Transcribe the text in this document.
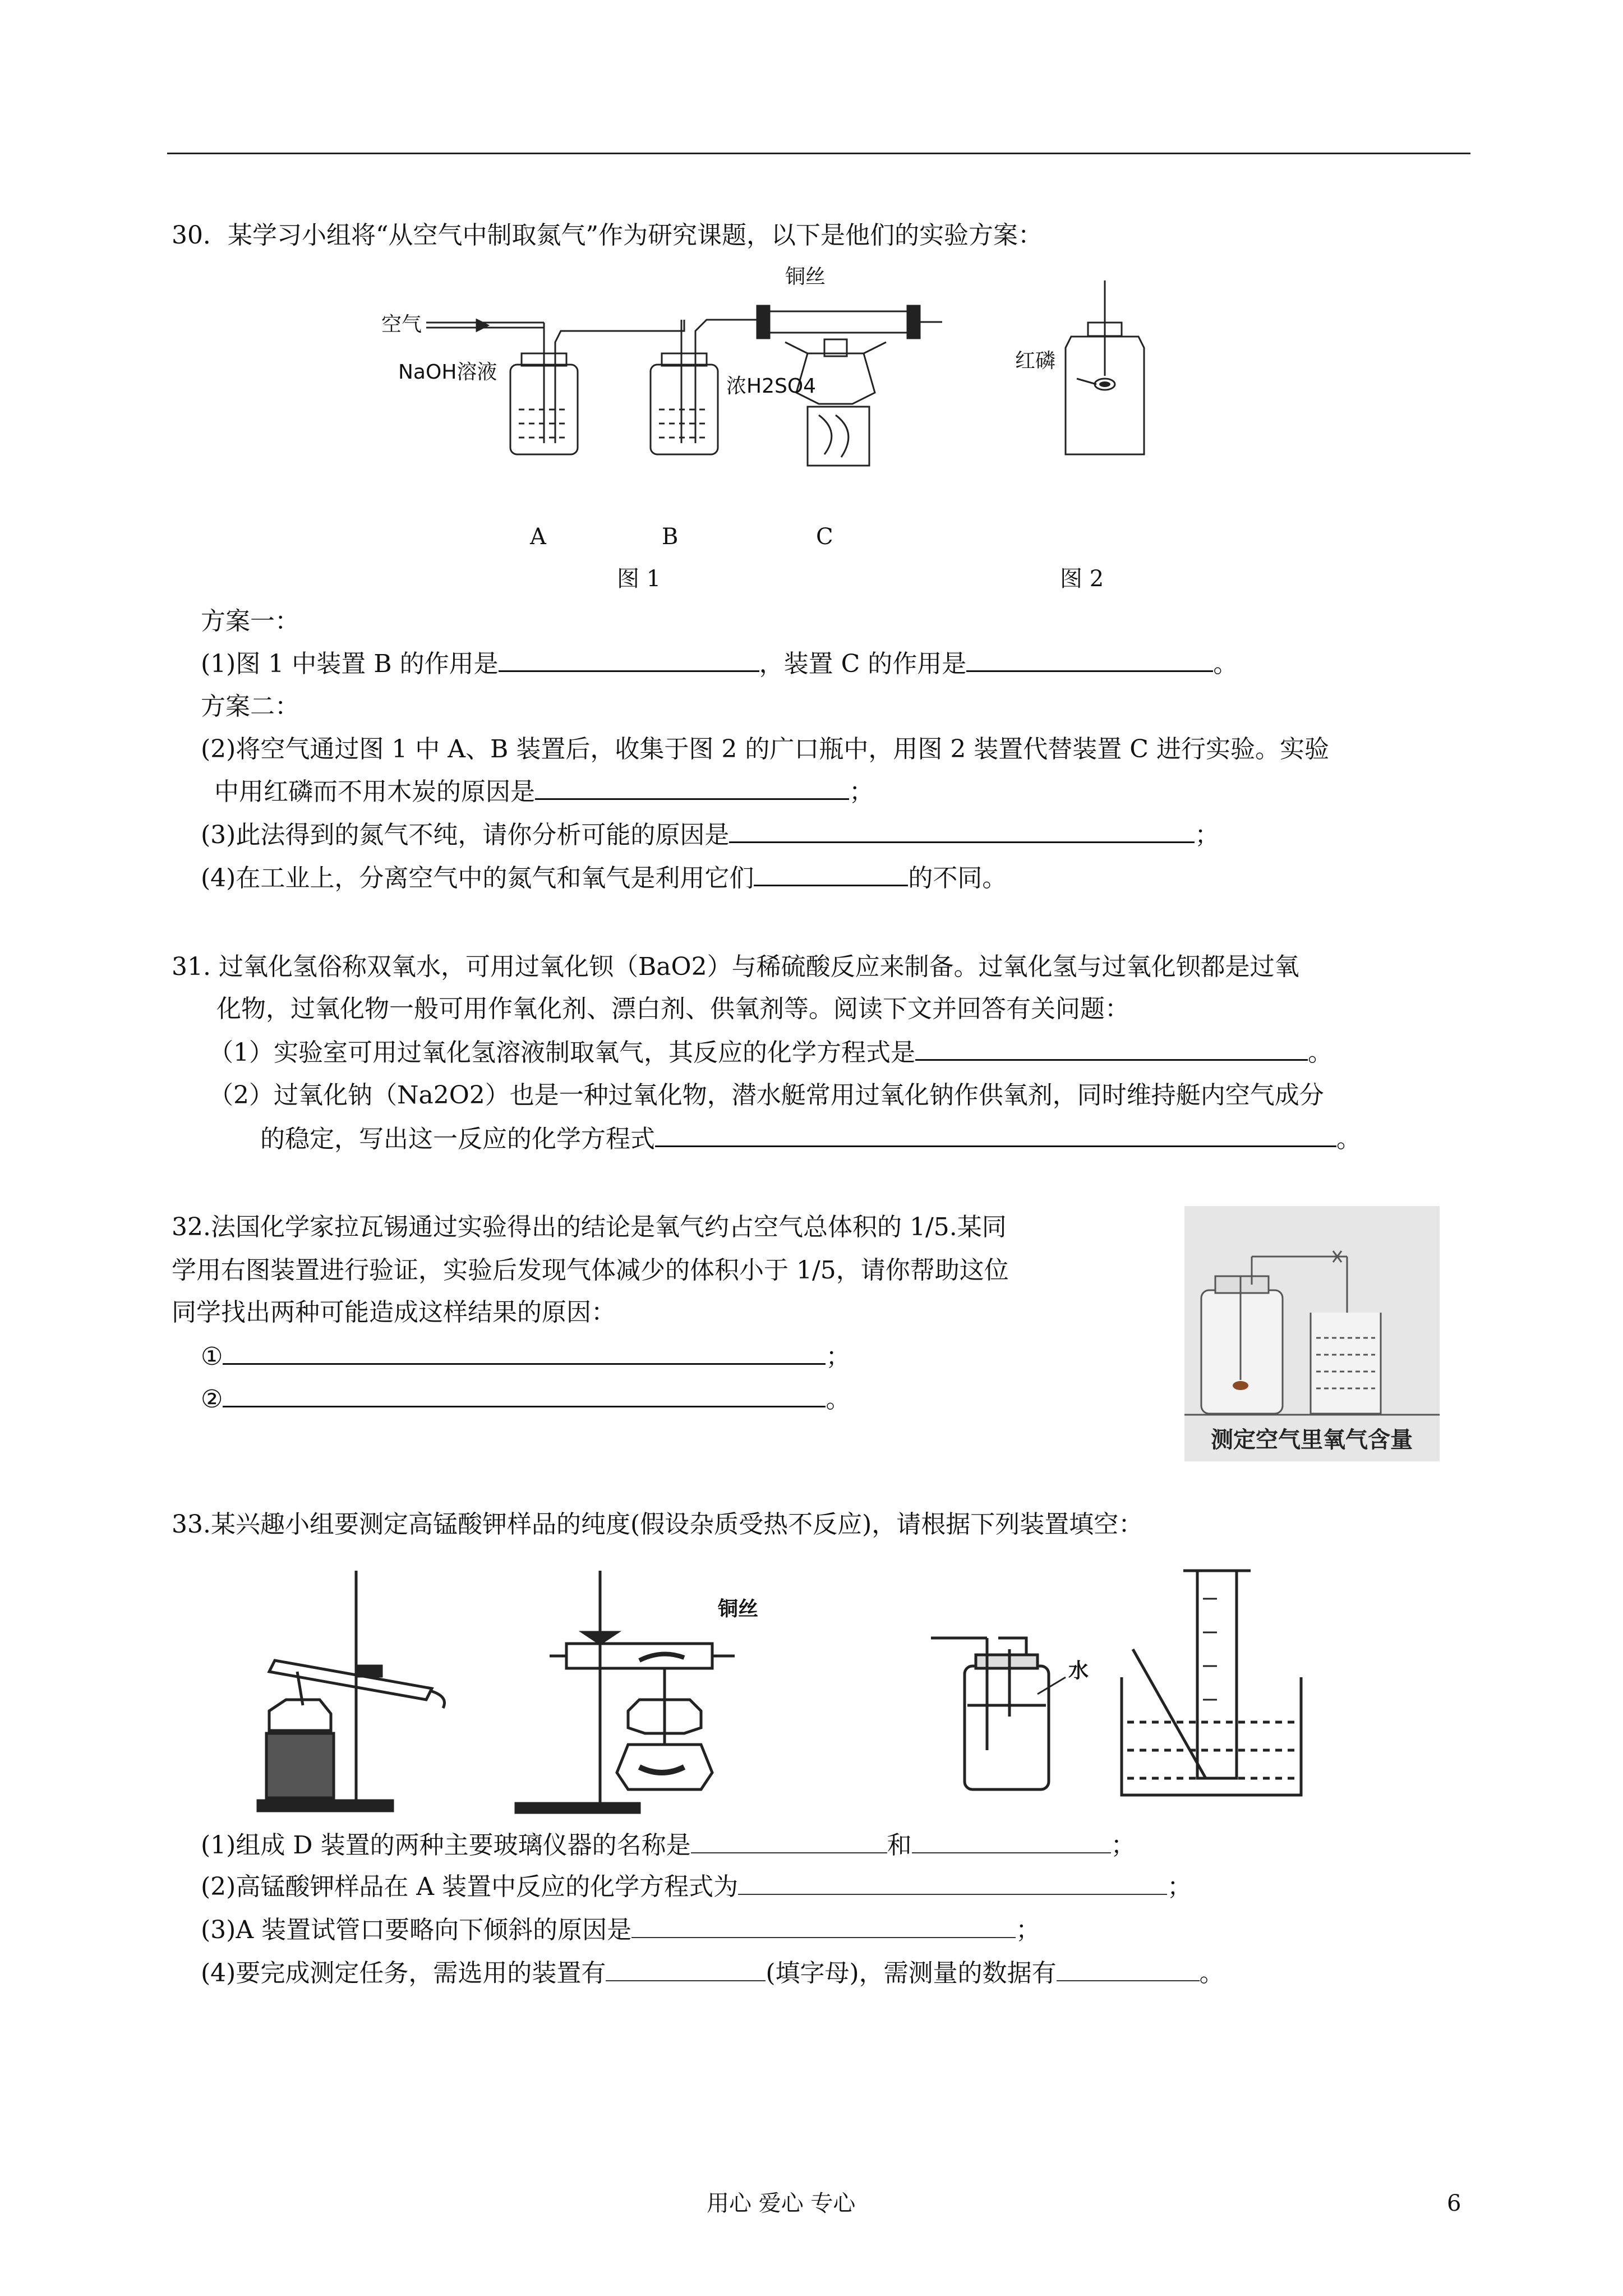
30．某学习小组将“从空气中制取氮气”作为研究课题，以下是他们的实验方案：
空气
NaOH溶液
浓H2SO4
铜丝
A	B	C
图 1
红磷
图 2
方案一：
(1)图 1 中装置 B 的作用是	，装置 C 的作用是	。
方案二：
(2)将空气通过图 1 中 A、B 装置后，收集于图 2 的广口瓶中，用图 2 装置代替装置 C 进行实验。实验
中用红磷而不用木炭的原因是	；
(3)此法得到的氮气不纯，请你分析可能的原因是	；
(4)在工业上，分离空气中的氮气和氧气是利用它们	的不同。
31. 过氧化氢俗称双氧水，可用过氧化钡（BaO2）与稀硫酸反应来制备。过氧化氢与过氧化钡都是过氧
化物，过氧化物一般可用作氧化剂、漂白剂、供氧剂等。阅读下文并回答有关问题：
（1）实验室可用过氧化氢溶液制取氧气，其反应的化学方程式是	。
（2）过氧化钠（Na2O2）也是一种过氧化物，潜水艇常用过氧化钠作供氧剂，同时维持艇内空气成分
的稳定，写出这一反应的化学方程式	。
32.法国化学家拉瓦锡通过实验得出的结论是氧气约占空气总体积的 1/5.某同
学用右图装置进行验证，实验后发现气体减少的体积小于 1/5，请你帮助这位
同学找出两种可能造成这样结果的原因：
①	；
②	。
测定空气里氧气含量
33.某兴趣小组要测定高锰酸钾样品的纯度(假设杂质受热不反应)，请根据下列装置填空：
铜丝
水
(1)组成 D 装置的两种主要玻璃仪器的名称是	和	；
(2)高锰酸钾样品在 A 装置中反应的化学方程式为	；
(3)A 装置试管口要略向下倾斜的原因是	；
(4)要完成测定任务，需选用的装置有	(填字母)，需测量的数据有	。
用心 爱心 专心	6
